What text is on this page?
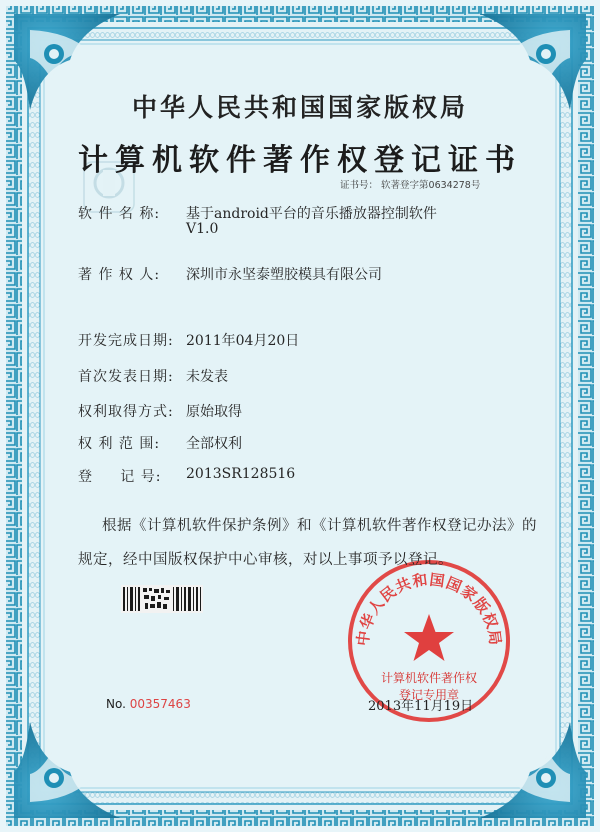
中华人民共和国国家版权局
计算机软件著作权
登记专用章
中华人民共和国国家版权局
计算机软件著作权登记证书
证书号： 软著登字第0634278号
软 件 名 称: 基于android平台的音乐播放器控制软件
V1.0
著 作 权 人: 深圳市永坚泰塑胶模具有限公司
开发完成日期: 2011年04月20日
首次发表日期: 未发表
权利取得方式: 原始取得
权 利 范 围: 全部权利
登     记 号: 2013SR128516
根据《计算机软件保护条例》和《计算机软件著作权登记办法》的
规定，经中国版权保护中心审核，对以上事项予以登记。
No. 00357463	2013年11月19日
